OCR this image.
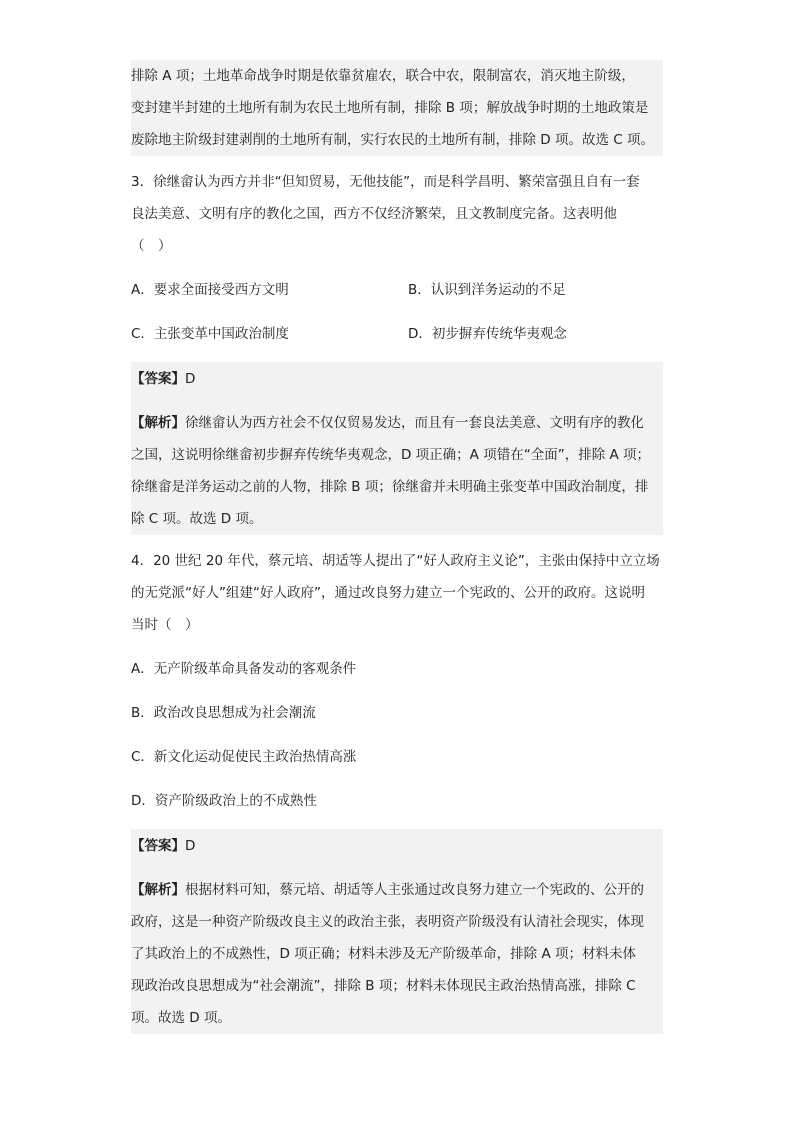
排除 A 项；土地革命战争时期是依靠贫雇农，联合中农，限制富农，消灭地主阶级，
变封建半封建的土地所有制为农民土地所有制，排除 B 项；解放战争时期的土地政策是
废除地主阶级封建剥削的土地所有制，实行农民的土地所有制，排除 D 项。故选 C 项。
3．徐继畲认为西方并非“但知贸易，无他技能”，而是科学昌明、繁荣富强且自有一套
良法美意、文明有序的教化之国，西方不仅经济繁荣，且文教制度完备。这表明他
（　）
A．要求全面接受西方文明	B．认识到洋务运动的不足
C．主张变革中国政治制度	D．初步摒弃传统华夷观念
【答案】D
【解析】徐继畲认为西方社会不仅仅贸易发达，而且有一套良法美意、文明有序的教化
之国，这说明徐继畲初步摒弃传统华夷观念，D 项正确；A 项错在“全面”，排除 A 项；
徐继畲是洋务运动之前的人物，排除 B 项；徐继畲并未明确主张变革中国政治制度，排
除 C 项。故选 D 项。
4．20 世纪 20 年代，蔡元培、胡适等人提出了“好人政府主义论”，主张由保持中立立场
的无党派“好人”组建“好人政府”，通过改良努力建立一个宪政的、公开的政府。这说明
当时（　）
A．无产阶级革命具备发动的客观条件
B．政治改良思想成为社会潮流
C．新文化运动促使民主政治热情高涨
D．资产阶级政治上的不成熟性
【答案】D
【解析】根据材料可知，蔡元培、胡适等人主张通过改良努力建立一个宪政的、公开的
政府，这是一种资产阶级改良主义的政治主张，表明资产阶级没有认清社会现实，体现
了其政治上的不成熟性，D 项正确；材料未涉及无产阶级革命，排除 A 项；材料未体
现政治改良思想成为“社会潮流”，排除 B 项；材料未体现民主政治热情高涨，排除 C
项。故选 D 项。
